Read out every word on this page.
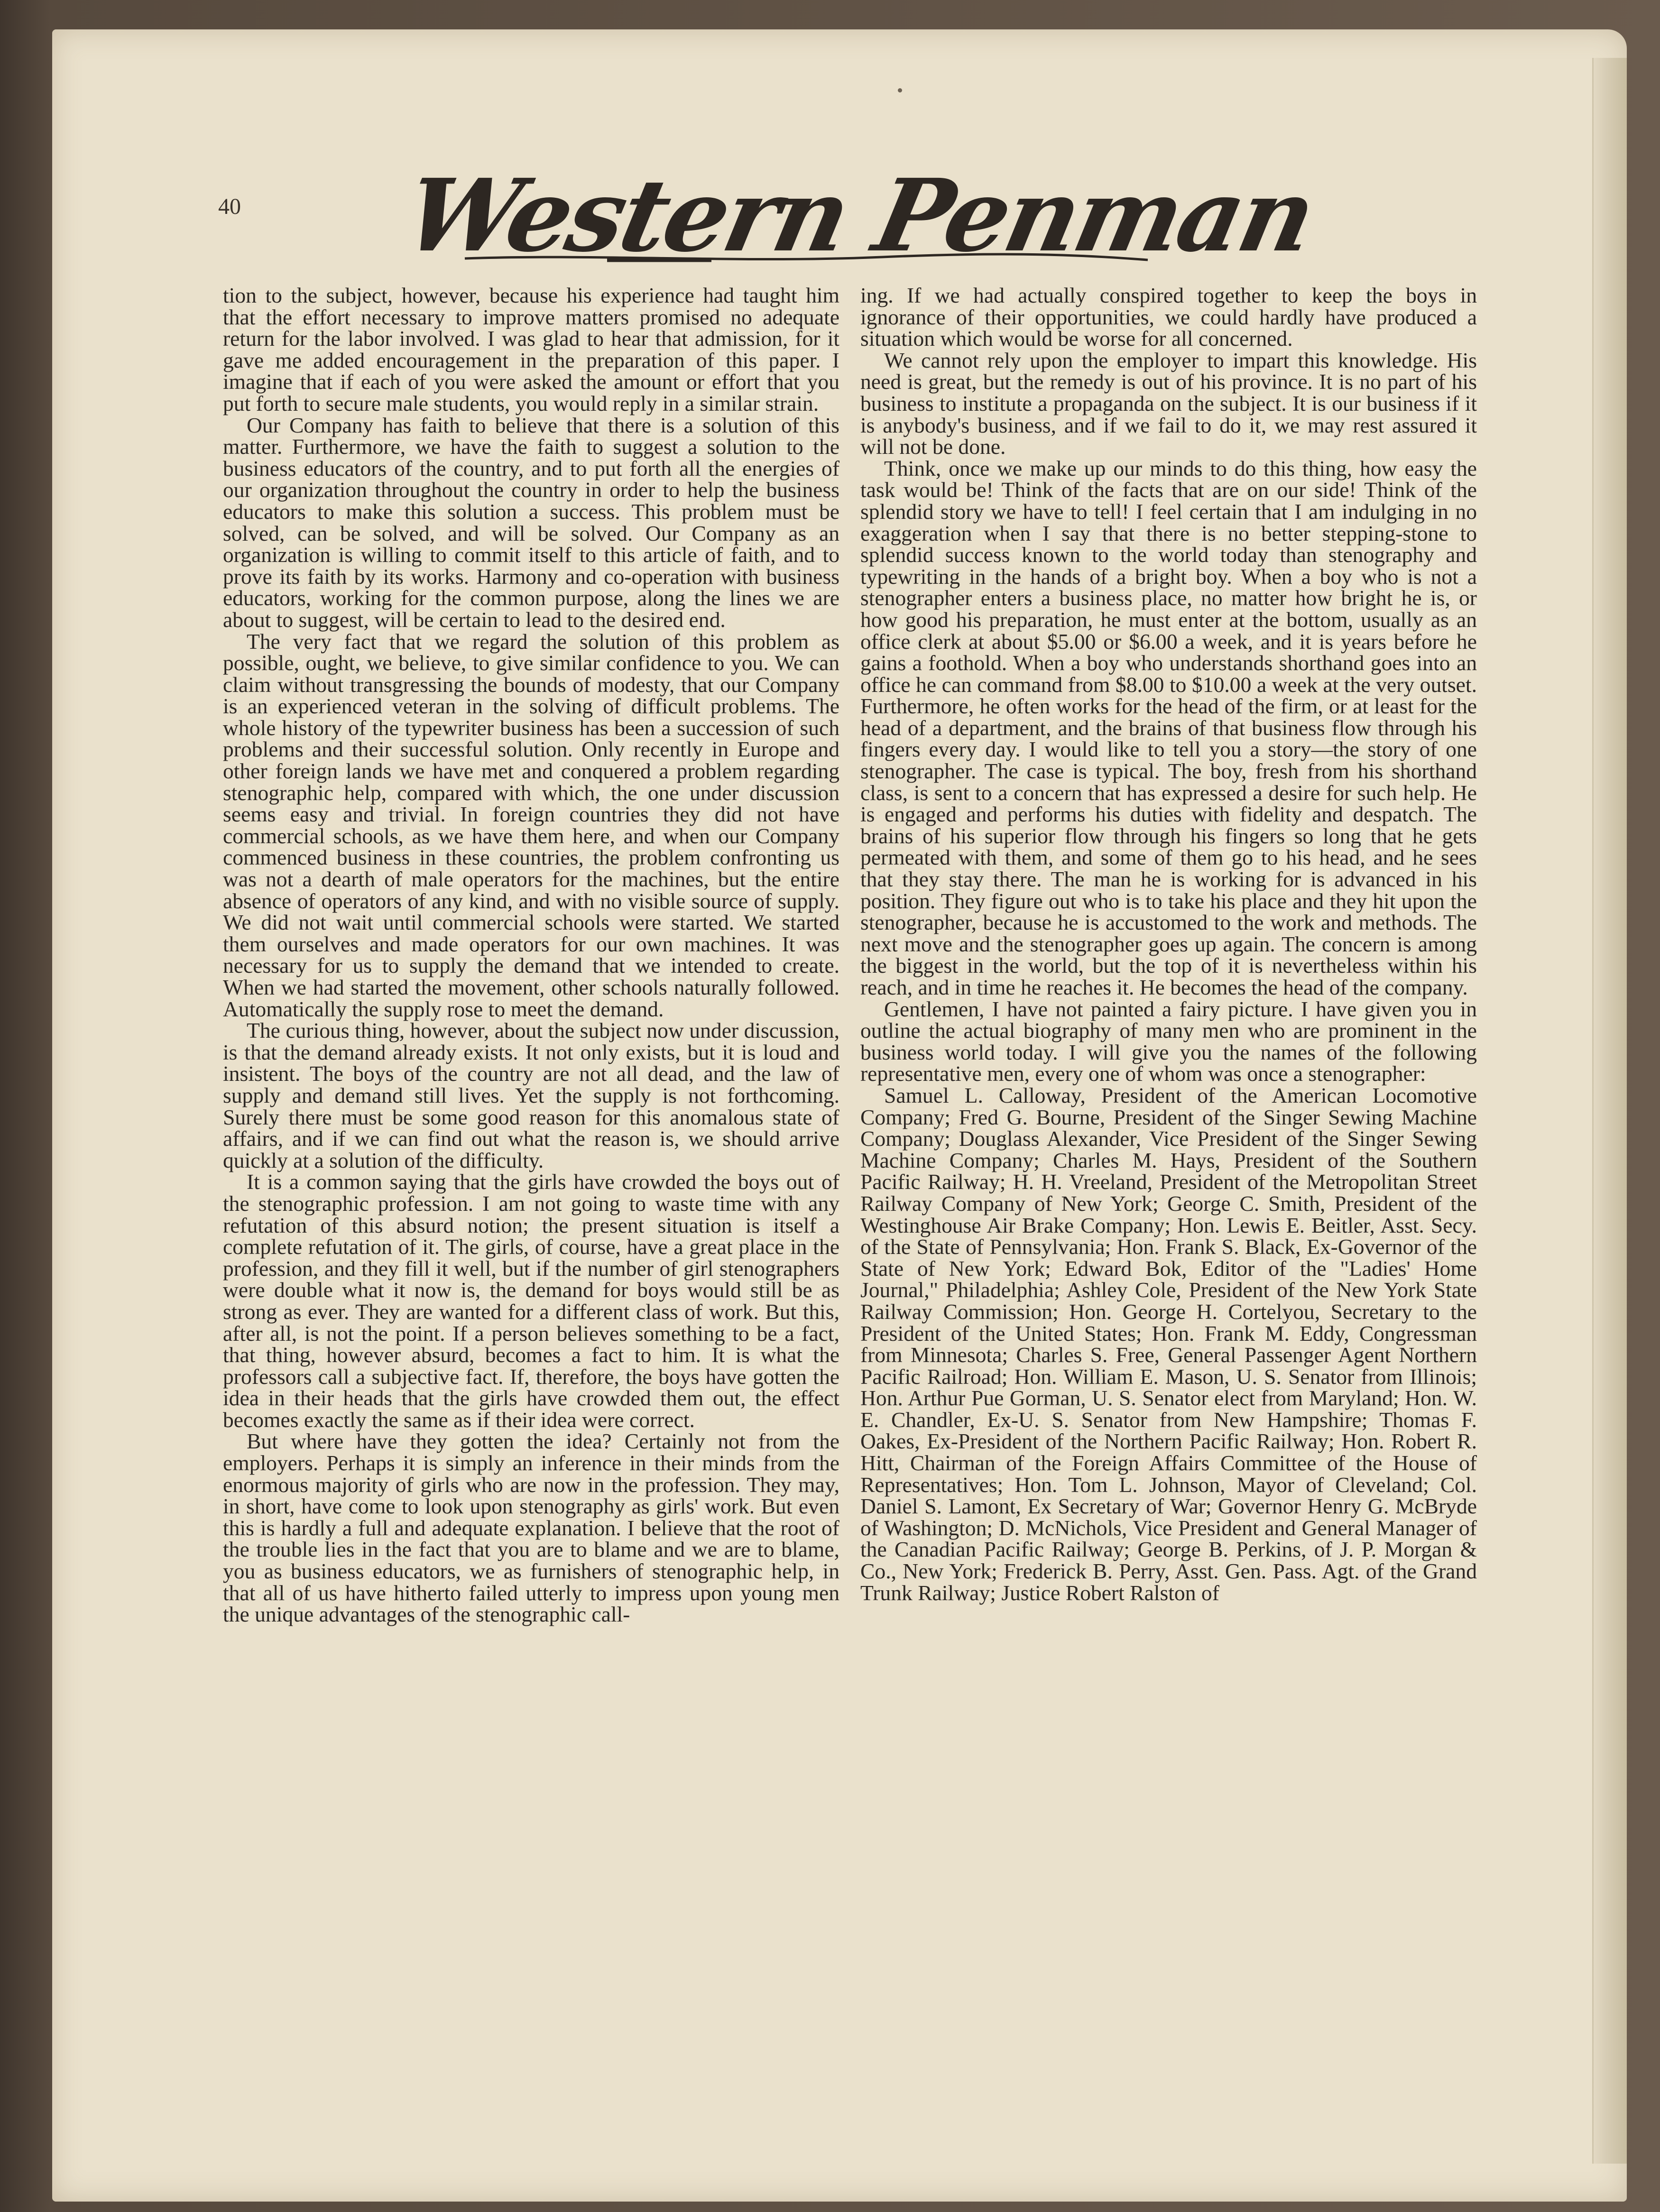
40 Western Penman

tion to the subject, however, because his experience had taught him that the effort necessary to improve matters promised no adequate return for the labor involved. I was glad to hear that admission, for it gave me added encouragement in the preparation of this paper. I imagine that if each of you were asked the amount or effort that you put forth to secure male students, you would reply in a similar strain.

Our Company has faith to believe that there is a solution of this matter. Furthermore, we have the faith to suggest a solution to the business educators of the country, and to put forth all the energies of our organization throughout the country in order to help the business educators to make this solution a success. This problem must be solved, can be solved, and will be solved. Our Company as an organization is willing to commit itself to this article of faith, and to prove its faith by its works. Harmony and co-operation with business educators, working for the common purpose, along the lines we are about to suggest, will be certain to lead to the desired end.

The very fact that we regard the solution of this problem as possible, ought, we believe, to give similar confidence to you. We can claim without transgressing the bounds of modesty, that our Company is an experienced veteran in the solving of difficult problems. The whole history of the typewriter business has been a succession of such problems and their successful solution. Only recently in Europe and other foreign lands we have met and conquered a problem regarding stenographic help, compared with which, the one under discussion seems easy and trivial. In foreign countries they did not have commercial schools, as we have them here, and when our Company commenced business in these countries, the problem confronting us was not a dearth of male operators for the machines, but the entire absence of operators of any kind, and with no visible source of supply. We did not wait until commercial schools were started. We started them ourselves and made operators for our own machines. It was necessary for us to supply the demand that we intended to create. When we had started the movement, other schools naturally followed. Automatically the supply rose to meet the demand.

The curious thing, however, about the subject now under discussion, is that the demand already exists. It not only exists, but it is loud and insistent. The boys of the country are not all dead, and the law of supply and demand still lives. Yet the supply is not forthcoming. Surely there must be some good reason for this anomalous state of affairs, and if we can find out what the reason is, we should arrive quickly at a solution of the difficulty.

It is a common saying that the girls have crowded the boys out of the stenographic profession. I am not going to waste time with any refutation of this absurd notion; the present situation is itself a complete refutation of it. The girls, of course, have a great place in the profession, and they fill it well, but if the number of girl stenographers were double what it now is, the demand for boys would still be as strong as ever. They are wanted for a different class of work. But this, after all, is not the point. If a person believes something to be a fact, that thing, however absurd, becomes a fact to him. It is what the professors call a subjective fact. If, therefore, the boys have gotten the idea in their heads that the girls have crowded them out, the effect becomes exactly the same as if their idea were correct.

But where have they gotten the idea? Certainly not from the employers. Perhaps it is simply an inference in their minds from the enormous majority of girls who are now in the profession. They may, in short, have come to look upon stenography as girls' work. But even this is hardly a full and adequate explanation. I believe that the root of the trouble lies in the fact that you are to blame and we are to blame, you as business educators, we as furnishers of stenographic help, in that all of us have hitherto failed utterly to impress upon young men the unique advantages of the stenographic call-

ing. If we had actually conspired together to keep the boys in ignorance of their opportunities, we could hardly have produced a situation which would be worse for all concerned.

We cannot rely upon the employer to impart this knowledge. His need is great, but the remedy is out of his province. It is no part of his business to institute a propaganda on the subject. It is our business if it is anybody's business, and if we fail to do it, we may rest assured it will not be done.

Think, once we make up our minds to do this thing, how easy the task would be! Think of the facts that are on our side! Think of the splendid story we have to tell! I feel certain that I am indulging in no exaggeration when I say that there is no better stepping-stone to splendid success known to the world today than stenography and typewriting in the hands of a bright boy. When a boy who is not a stenographer enters a business place, no matter how bright he is, or how good his preparation, he must enter at the bottom, usually as an office clerk at about $5.00 or $6.00 a week, and it is years before he gains a foothold. When a boy who understands shorthand goes into an office he can command from $8.00 to $10.00 a week at the very outset. Furthermore, he often works for the head of the firm, or at least for the head of a department, and the brains of that business flow through his fingers every day. I would like to tell you a story—the story of one stenographer. The case is typical. The boy, fresh from his shorthand class, is sent to a concern that has expressed a desire for such help. He is engaged and performs his duties with fidelity and despatch. The brains of his superior flow through his fingers so long that he gets permeated with them, and some of them go to his head, and he sees that they stay there. The man he is working for is advanced in his position. They figure out who is to take his place and they hit upon the stenographer, because he is accustomed to the work and methods. The next move and the stenographer goes up again. The concern is among the biggest in the world, but the top of it is nevertheless within his reach, and in time he reaches it. He becomes the head of the company.

Gentlemen, I have not painted a fairy picture. I have given you in outline the actual biography of many men who are prominent in the business world today. I will give you the names of the following representative men, every one of whom was once a stenographer:

Samuel L. Calloway, President of the American Locomotive Company; Fred G. Bourne, President of the Singer Sewing Machine Company; Douglass Alexander, Vice President of the Singer Sewing Machine Company; Charles M. Hays, President of the Southern Pacific Railway; H. H. Vreeland, President of the Metropolitan Street Railway Company of New York; George C. Smith, President of the Westinghouse Air Brake Company; Hon. Lewis E. Beitler, Asst. Secy. of the State of Pennsylvania; Hon. Frank S. Black, Ex-Governor of the State of New York; Edward Bok, Editor of the "Ladies' Home Journal," Philadelphia; Ashley Cole, President of the New York State Railway Commission; Hon. George H. Cortelyou, Secretary to the President of the United States; Hon. Frank M. Eddy, Congressman from Minnesota; Charles S. Free, General Passenger Agent Northern Pacific Railroad; Hon. William E. Mason, U. S. Senator from Illinois; Hon. Arthur Pue Gorman, U. S. Senator elect from Maryland; Hon. W. E. Chandler, Ex-U. S. Senator from New Hampshire; Thomas F. Oakes, Ex-President of the Northern Pacific Railway; Hon. Robert R. Hitt, Chairman of the Foreign Affairs Committee of the House of Representatives; Hon. Tom L. Johnson, Mayor of Cleveland; Col. Daniel S. Lamont, Ex Secretary of War; Governor Henry G. McBryde of Washington; D. McNichols, Vice President and General Manager of the Canadian Pacific Railway; George B. Perkins, of J. P. Morgan & Co., New York; Frederick B. Perry, Asst. Gen. Pass. Agt. of the Grand Trunk Railway; Justice Robert Ralston of
